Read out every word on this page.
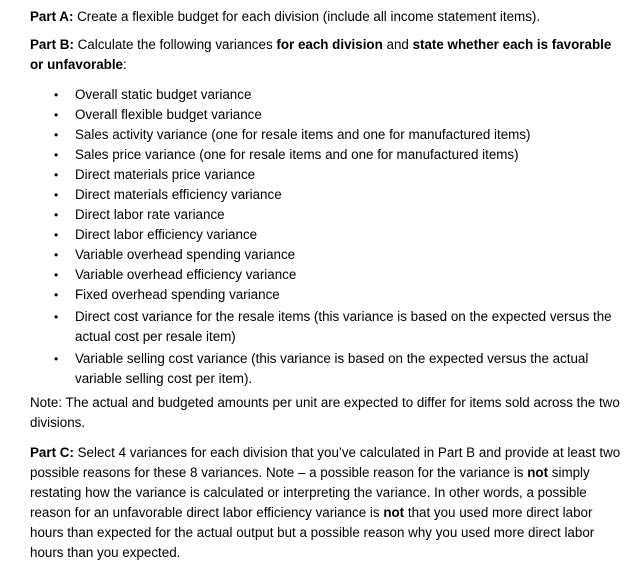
Part A: Create a flexible budget for each division (include all income statement items).

Part B: Calculate the following variances for each division and state whether each is favorable or unfavorable:

• Overall static budget variance
• Overall flexible budget variance
• Sales activity variance (one for resale items and one for manufactured items)
• Sales price variance (one for resale items and one for manufactured items)
• Direct materials price variance
• Direct materials efficiency variance
• Direct labor rate variance
• Direct labor efficiency variance
• Variable overhead spending variance
• Variable overhead efficiency variance
• Fixed overhead spending variance
• Direct cost variance for the resale items (this variance is based on the expected versus the actual cost per resale item)
• Variable selling cost variance (this variance is based on the expected versus the actual variable selling cost per item).

Note: The actual and budgeted amounts per unit are expected to differ for items sold across the two divisions.

Part C: Select 4 variances for each division that you’ve calculated in Part B and provide at least two possible reasons for these 8 variances. Note – a possible reason for the variance is not simply restating how the variance is calculated or interpreting the variance. In other words, a possible reason for an unfavorable direct labor efficiency variance is not that you used more direct labor hours than expected for the actual output but a possible reason why you used more direct labor hours than you expected.
